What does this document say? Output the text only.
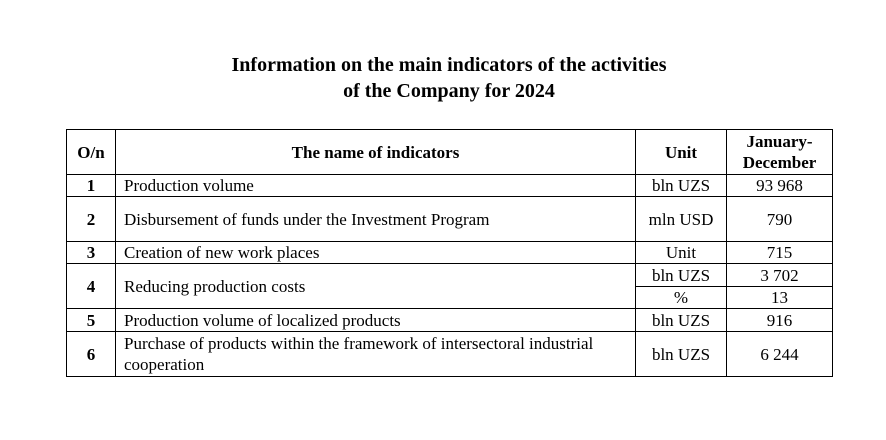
Information on the main indicators of the activities
of the Company for 2024
O/n	The name of indicators	Unit	January-December
1	Production volume	bln UZS	93 968
2	Disbursement of funds under the Investment Program	mln USD	790
3	Creation of new work places	Unit	715
4	Reducing production costs	bln UZS	3 702
		%	13
5	Production volume of localized products	bln UZS	916
6	Purchase of products within the framework of intersectoral industrial cooperation	bln UZS	6 244
